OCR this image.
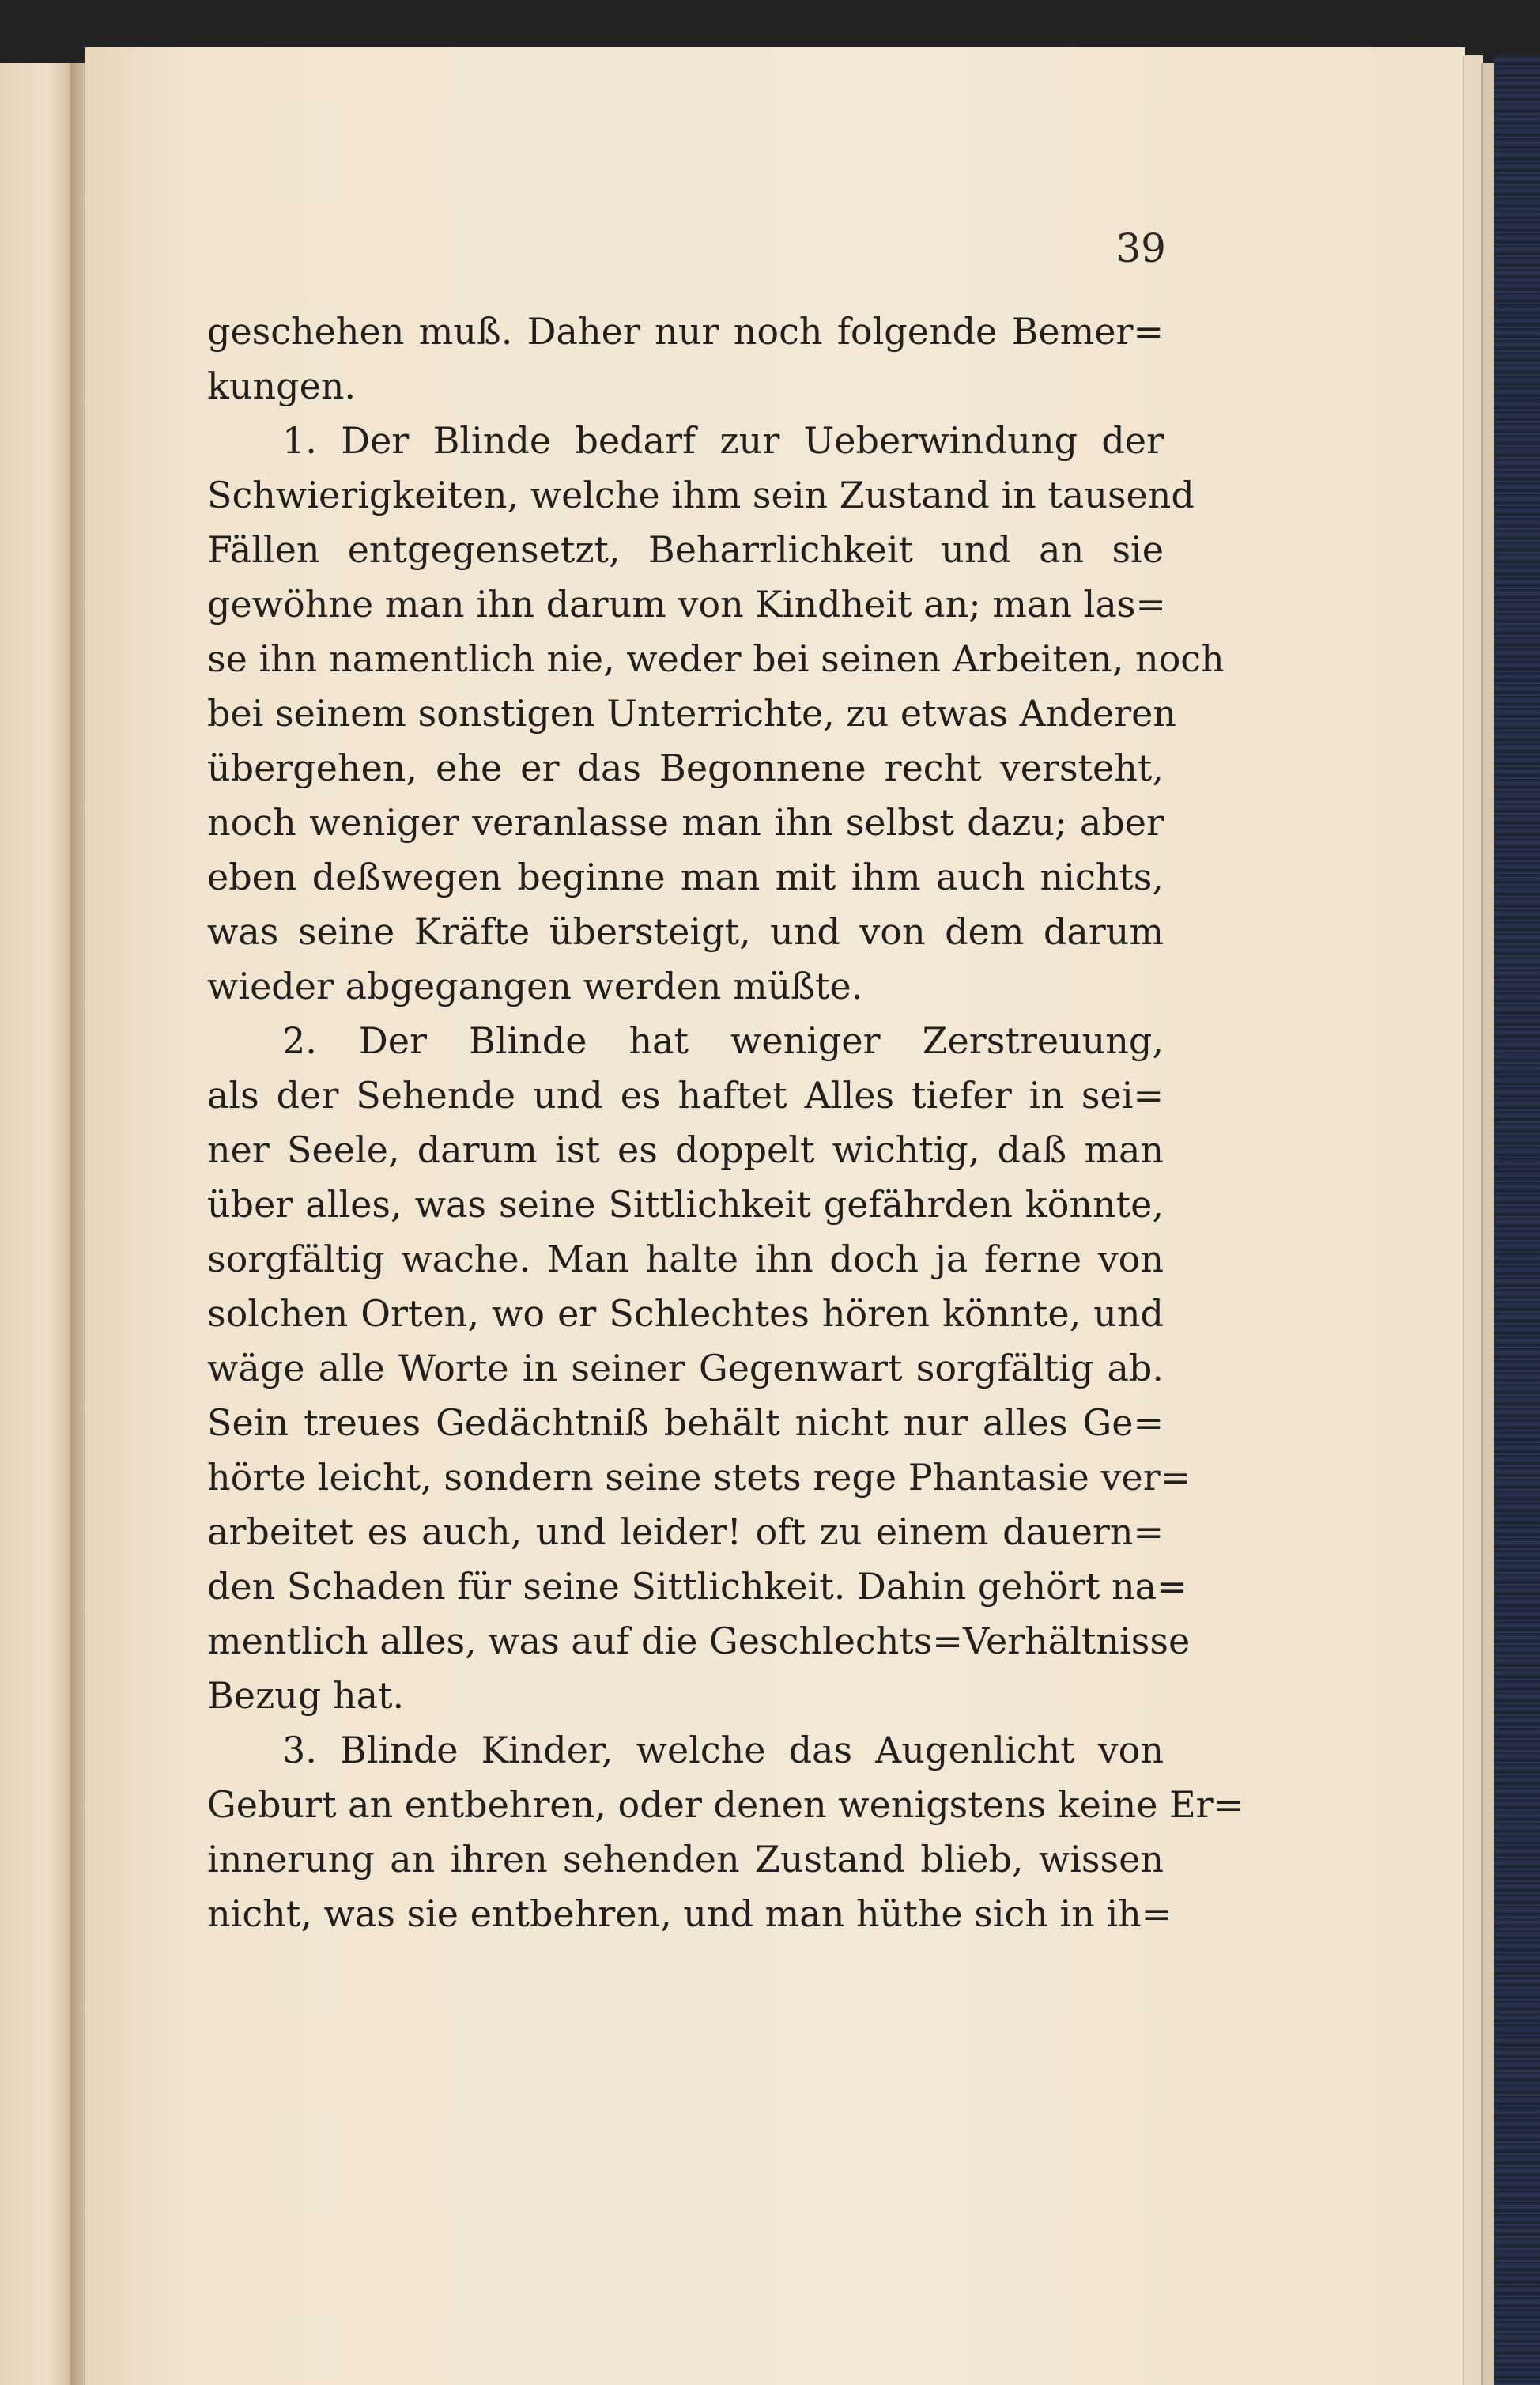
39
geschehen muß. Daher nur noch folgende Bemer=
kungen.
1. Der Blinde bedarf zur Ueberwindung der
Schwierigkeiten, welche ihm sein Zustand in tausend
Fällen entgegensetzt, Beharrlichkeit und an sie
gewöhne man ihn darum von Kindheit an; man las=
se ihn namentlich nie, weder bei seinen Arbeiten, noch
bei seinem sonstigen Unterrichte, zu etwas Anderen
übergehen, ehe er das Begonnene recht versteht,
noch weniger veranlasse man ihn selbst dazu; aber
eben deßwegen beginne man mit ihm auch nichts,
was seine Kräfte übersteigt, und von dem darum
wieder abgegangen werden müßte.
2. Der Blinde hat weniger Zerstreuung,
als der Sehende und es haftet Alles tiefer in sei=
ner Seele, darum ist es doppelt wichtig, daß man
über alles, was seine Sittlichkeit gefährden könnte,
sorgfältig wache. Man halte ihn doch ja ferne von
solchen Orten, wo er Schlechtes hören könnte, und
wäge alle Worte in seiner Gegenwart sorgfältig ab.
Sein treues Gedächtniß behält nicht nur alles Ge=
hörte leicht, sondern seine stets rege Phantasie ver=
arbeitet es auch, und leider! oft zu einem dauern=
den Schaden für seine Sittlichkeit. Dahin gehört na=
mentlich alles, was auf die Geschlechts=Verhältnisse
Bezug hat.
3. Blinde Kinder, welche das Augenlicht von
Geburt an entbehren, oder denen wenigstens keine Er=
innerung an ihren sehenden Zustand blieb, wissen
nicht, was sie entbehren, und man hüthe sich in ih=
